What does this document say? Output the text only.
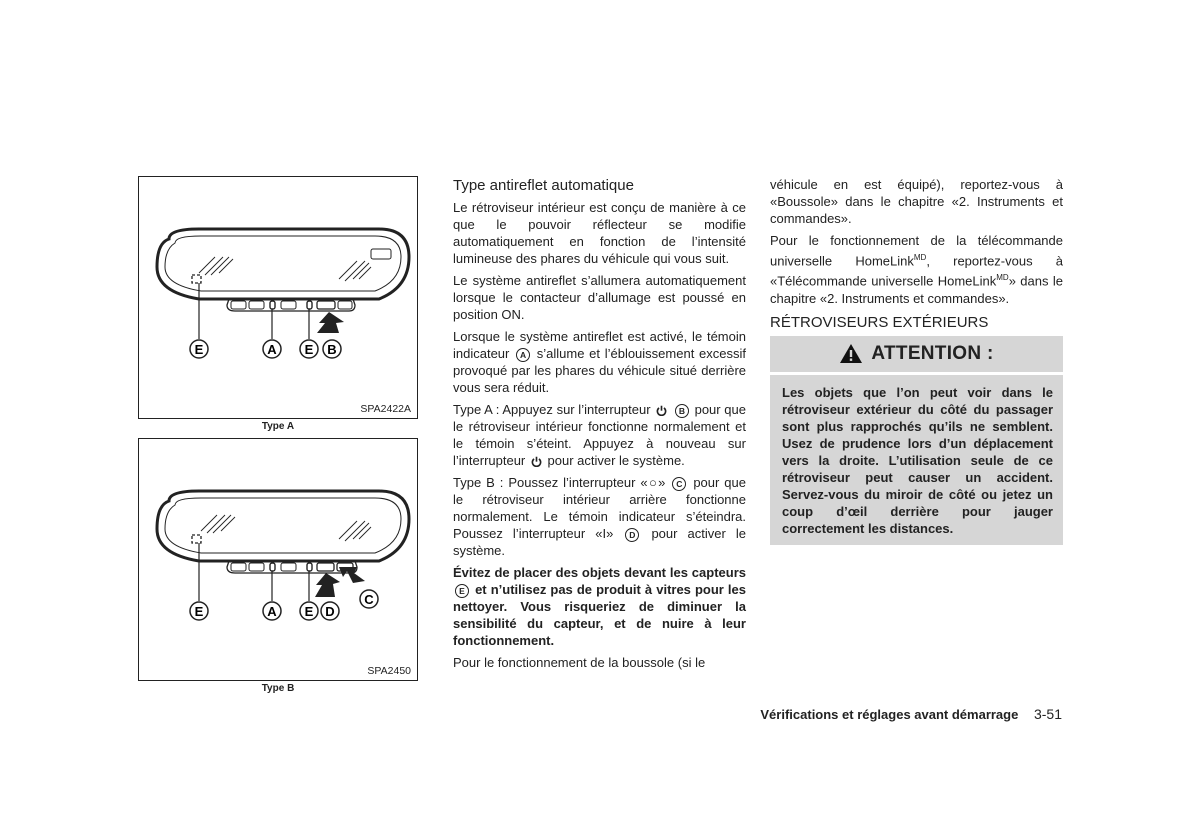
E	A E B
SPA2422A
Type A
E	A E D
C
SPA2450
Type B
Type antireflet automatique

Le rétroviseur intérieur est conçu de manière à ce que le pouvoir réflecteur se modifie automatiquement en fonction de l’intensité lumineuse des phares du véhicule qui vous suit.

Le système antireflet s’allumera automatiquement lorsque le contacteur d’allumage est poussé en position ON.

Lorsque le système antireflet est activé, le témoin indicateur A s’allume et l’éblouissement excessif provoqué par les phares du véhicule situé derrière vous sera réduit.

Type A : Appuyez sur l’interrupteur	B pour que le rétroviseur intérieur fonctionne normalement et le témoin s’éteint. Appuyez à nouveau sur l’interrupteur pour activer le système.

Type B : Poussez l’interrupteur «○» C pour que le rétroviseur intérieur arrière fonctionne normalement. Le témoin indicateur s’éteindra. Poussez l’interrupteur «I» D pour activer le système.

Évitez de placer des objets devant les capteurs E et n’utilisez pas de produit à vitres pour les nettoyer. Vous risqueriez de diminuer la sensibilité du capteur, et de nuire à leur fonctionnement.

Pour le fonctionnement de la boussole (si le

véhicule en est équipé), reportez-vous à «Boussole» dans le chapitre «2. Instruments et commandes».

Pour le fonctionnement de la télécommande universelle HomeLink$^{MD}$, reportez-vous à «Télécommande universelle HomeLink$^{MD}$» dans le chapitre «2. Instruments et commandes».

RÉTROVISEURS EXTÉRIEURS
ATTENTION :
Les objets que l’on peut voir dans le rétroviseur extérieur du côté du passager sont plus rapprochés qu’ils ne semblent. Usez de prudence lors d’un déplacement vers la droite. L’utilisation seule de ce rétroviseur peut causer un accident. Servez-vous du miroir de côté ou jetez un coup d’œil derrière pour jauger correctement les distances.
Vérifications et réglages avant démarrage 3-51
